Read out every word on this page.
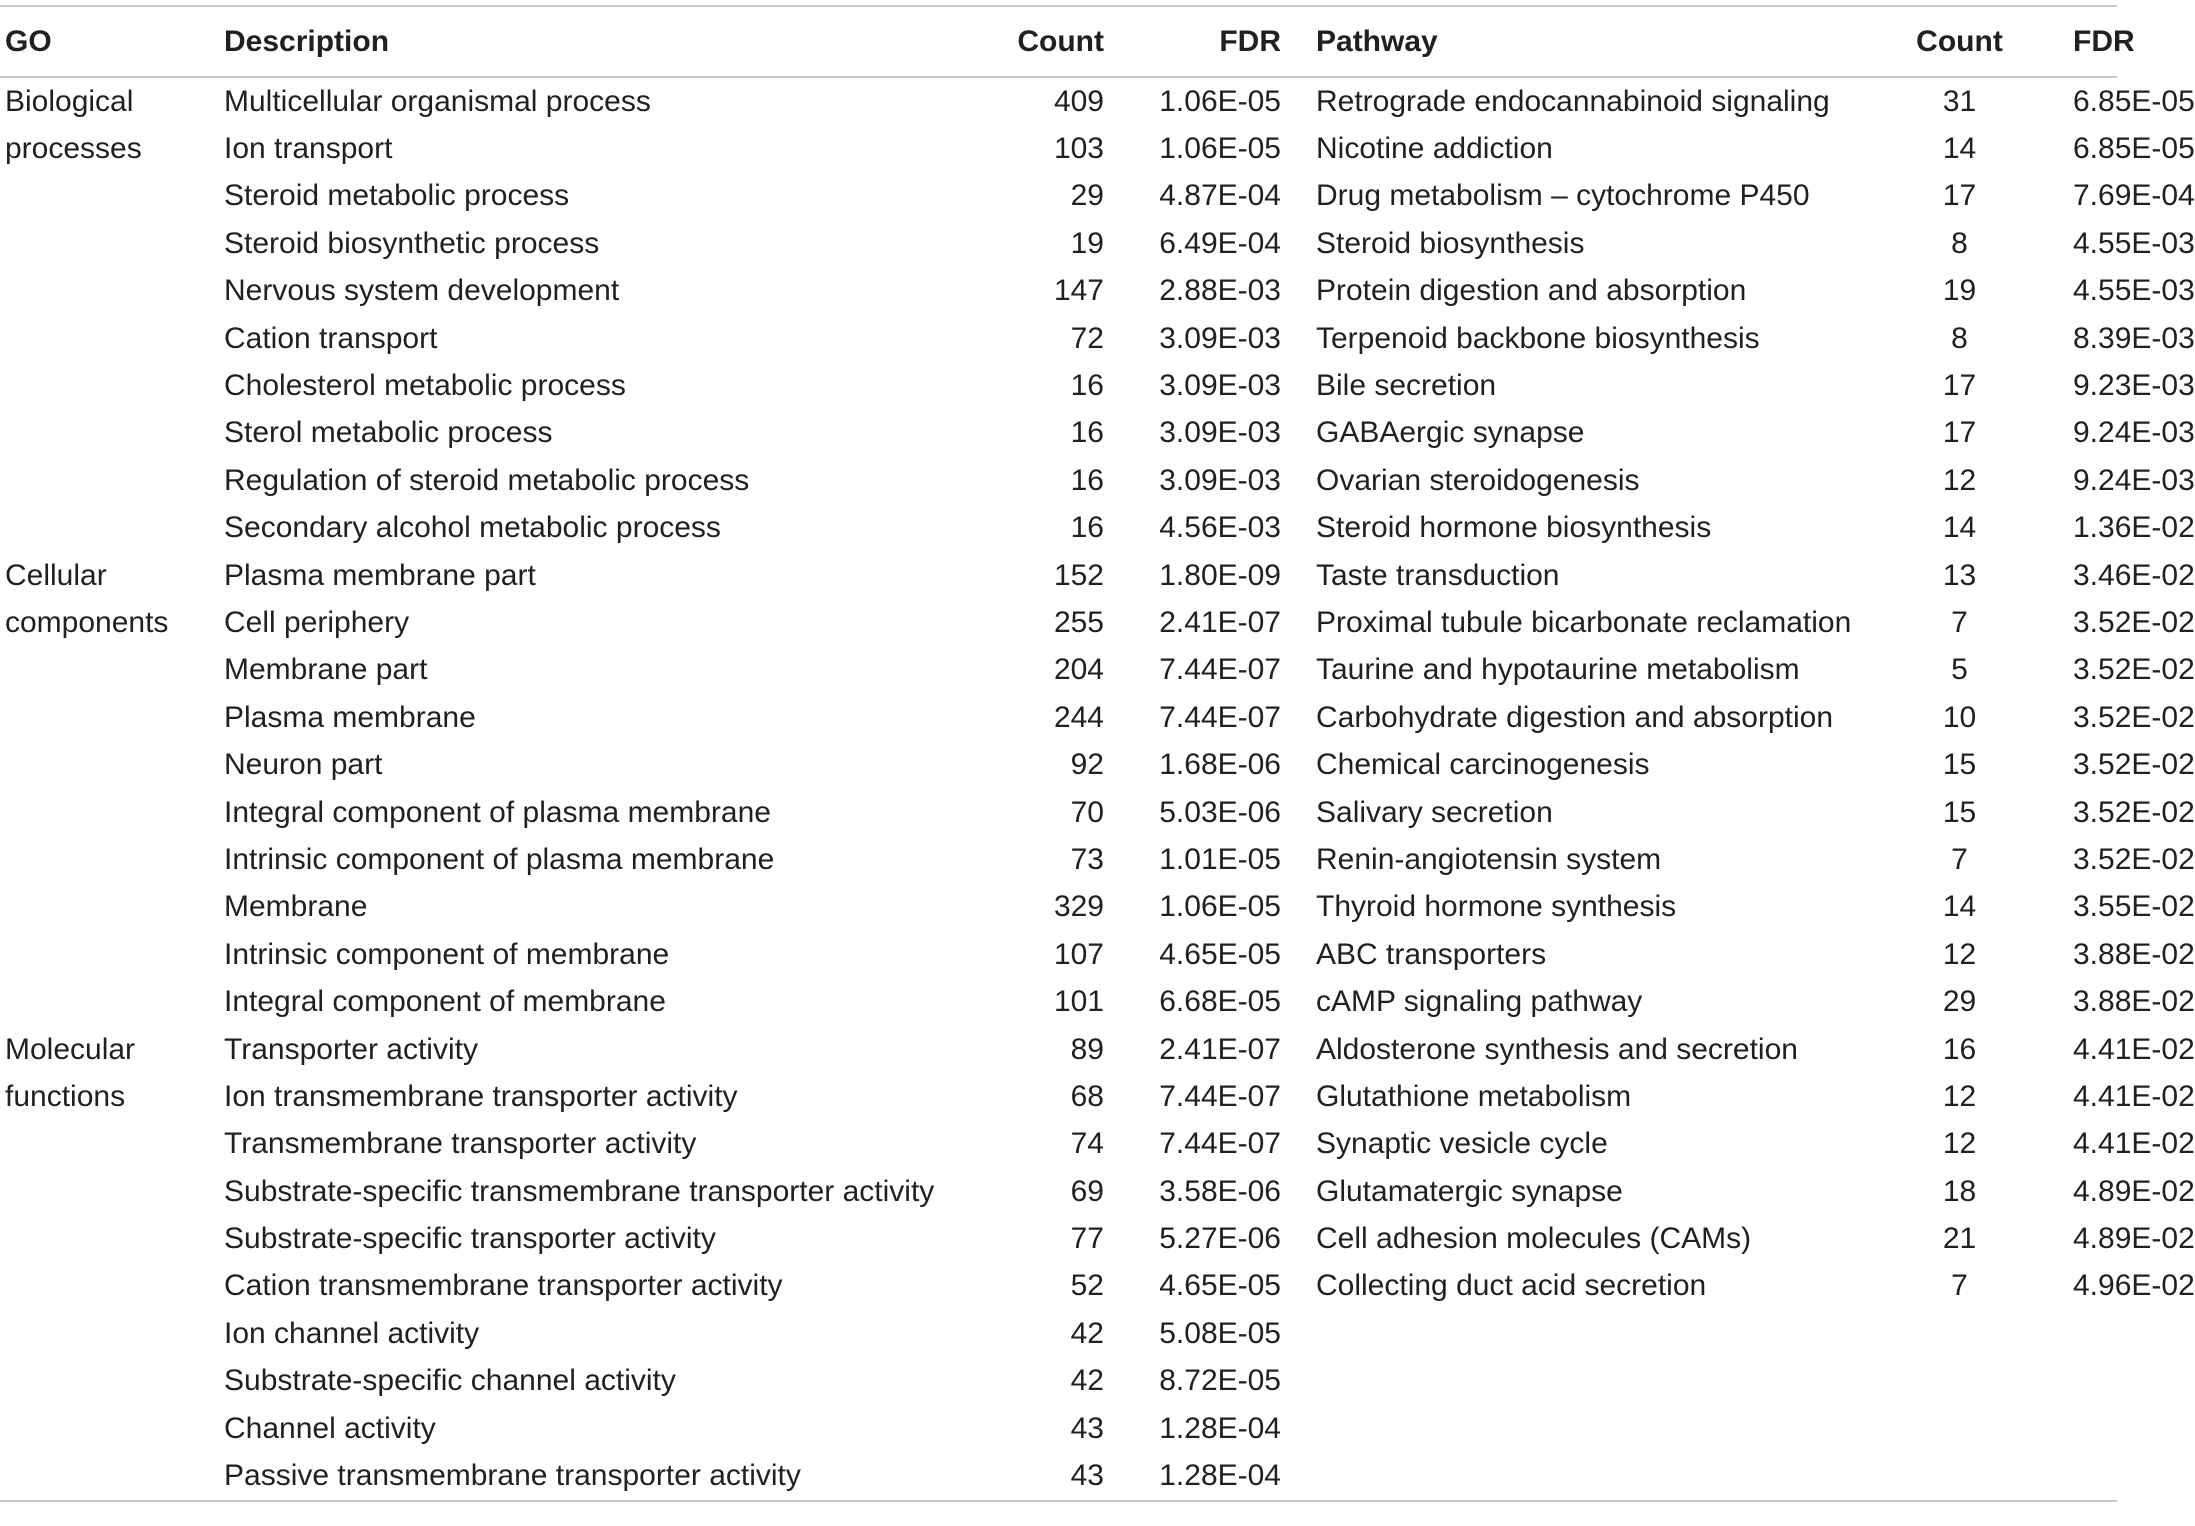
GO	Description	Count	FDR	Pathway	Count	FDR
Biological	Multicellular organismal process	409	1.06E-05	Retrograde endocannabinoid signaling	31	6.85E-05
processes	Ion transport	103	1.06E-05	Nicotine addiction	14	6.85E-05
	Steroid metabolic process	29	4.87E-04	Drug metabolism – cytochrome P450	17	7.69E-04
	Steroid biosynthetic process	19	6.49E-04	Steroid biosynthesis	8	4.55E-03
	Nervous system development	147	2.88E-03	Protein digestion and absorption	19	4.55E-03
	Cation transport	72	3.09E-03	Terpenoid backbone biosynthesis	8	8.39E-03
	Cholesterol metabolic process	16	3.09E-03	Bile secretion	17	9.23E-03
	Sterol metabolic process	16	3.09E-03	GABAergic synapse	17	9.24E-03
	Regulation of steroid metabolic process	16	3.09E-03	Ovarian steroidogenesis	12	9.24E-03
	Secondary alcohol metabolic process	16	4.56E-03	Steroid hormone biosynthesis	14	1.36E-02
Cellular	Plasma membrane part	152	1.80E-09	Taste transduction	13	3.46E-02
components	Cell periphery	255	2.41E-07	Proximal tubule bicarbonate reclamation	7	3.52E-02
	Membrane part	204	7.44E-07	Taurine and hypotaurine metabolism	5	3.52E-02
	Plasma membrane	244	7.44E-07	Carbohydrate digestion and absorption	10	3.52E-02
	Neuron part	92	1.68E-06	Chemical carcinogenesis	15	3.52E-02
	Integral component of plasma membrane	70	5.03E-06	Salivary secretion	15	3.52E-02
	Intrinsic component of plasma membrane	73	1.01E-05	Renin-angiotensin system	7	3.52E-02
	Membrane	329	1.06E-05	Thyroid hormone synthesis	14	3.55E-02
	Intrinsic component of membrane	107	4.65E-05	ABC transporters	12	3.88E-02
	Integral component of membrane	101	6.68E-05	cAMP signaling pathway	29	3.88E-02
Molecular	Transporter activity	89	2.41E-07	Aldosterone synthesis and secretion	16	4.41E-02
functions	Ion transmembrane transporter activity	68	7.44E-07	Glutathione metabolism	12	4.41E-02
	Transmembrane transporter activity	74	7.44E-07	Synaptic vesicle cycle	12	4.41E-02
	Substrate-specific transmembrane transporter activity	69	3.58E-06	Glutamatergic synapse	18	4.89E-02
	Substrate-specific transporter activity	77	5.27E-06	Cell adhesion molecules (CAMs)	21	4.89E-02
	Cation transmembrane transporter activity	52	4.65E-05	Collecting duct acid secretion	7	4.96E-02
	Ion channel activity	42	5.08E-05			
	Substrate-specific channel activity	42	8.72E-05			
	Channel activity	43	1.28E-04			
	Passive transmembrane transporter activity	43	1.28E-04			
